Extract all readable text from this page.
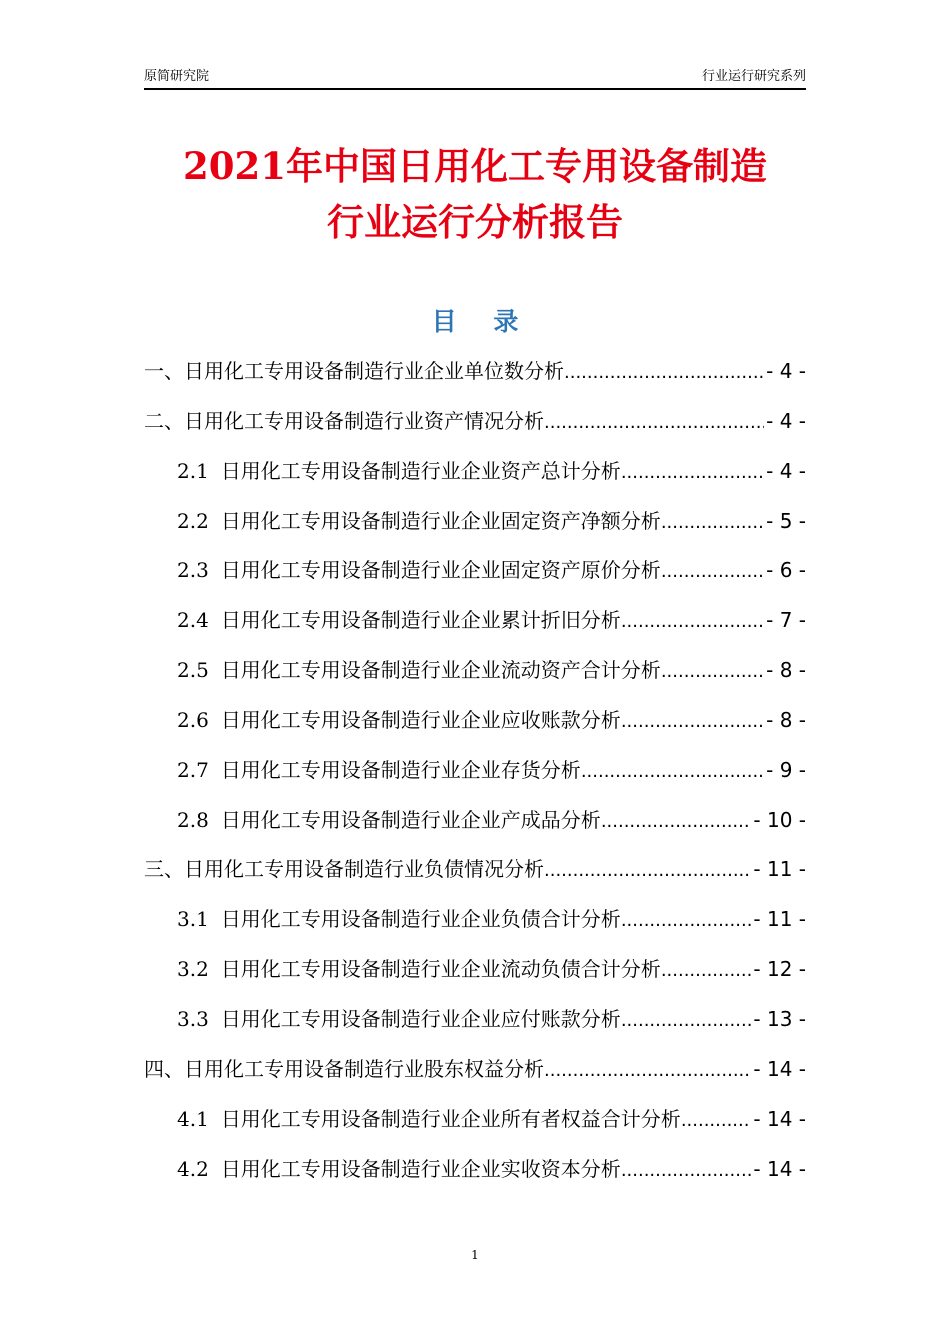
原简研究院	行业运行研究系列
2021年中国日用化工专用设备制造
行业运行分析报告
目 录
一、日用化工专用设备制造行业企业单位数分析 .....	- 4 -
二、日用化工专用设备制造行业资产情况分析 .....	- 4 -
2.1 日用化工专用设备制造行业企业资产总计分析 .....	- 4 -
2.2 日用化工专用设备制造行业企业固定资产净额分析 .....	- 5 -
2.3 日用化工专用设备制造行业企业固定资产原价分析 .....	- 6 -
2.4 日用化工专用设备制造行业企业累计折旧分析 .....	- 7 -
2.5 日用化工专用设备制造行业企业流动资产合计分析 .....	- 8 -
2.6 日用化工专用设备制造行业企业应收账款分析 .....	- 8 -
2.7 日用化工专用设备制造行业企业存货分析 .....	- 9 -
2.8 日用化工专用设备制造行业企业产成品分析 .....	- 10 -
三、日用化工专用设备制造行业负债情况分析 .....	- 11 -
3.1 日用化工专用设备制造行业企业负债合计分析 .....	- 11 -
3.2 日用化工专用设备制造行业企业流动负债合计分析 .....	- 12 -
3.3 日用化工专用设备制造行业企业应付账款分析 .....	- 13 -
四、日用化工专用设备制造行业股东权益分析 .....	- 14 -
4.1 日用化工专用设备制造行业企业所有者权益合计分析 .....	- 14 -
4.2 日用化工专用设备制造行业企业实收资本分析 .....	- 14 -
1
